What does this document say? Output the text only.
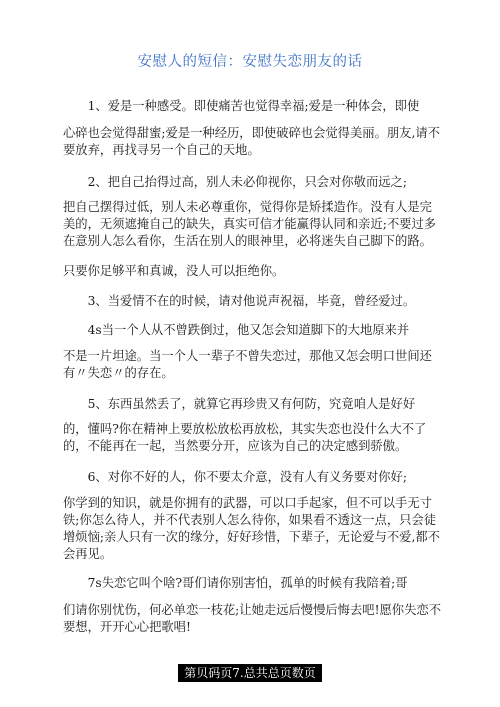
安慰人的短信：安慰失恋朋友的话

1、爱是一种感受。即使痛苦也觉得幸福;爱是一种体会，即使

心碎也会觉得甜蜜;爱是一种经历，即使破碎也会觉得美丽。朋友,请不要放弃，再找寻另一个自己的天地。

2、把自己抬得过高，别人未必仰视你，只会对你敬而远之;

把自己摆得过低，别人未必尊重你，觉得你是矫揉造作。没有人是完美的，无须遮掩自己的缺失，真实可信才能赢得认同和亲近;不要过多在意别人怎么看你，生活在别人的眼神里，必将迷失自己脚下的路。

只要你足够平和真诚，没人可以拒绝你。

3、当爱情不在的时候，请对他说声祝福，毕竟，曾经爱过。

4s当一个人从不曾跌倒过，他又怎会知道脚下的大地原来并

不是一片坦途。当一个人一辈子不曾失恋过，那他又怎会明口世间还有〃失恋〃的存在。

5、东西虽然丢了，就算它再珍贵又有何防，究竟咱人是好好

的，懂吗?你在精神上要放松放松再放松，其实失恋也没什么大不了的，不能再在一起，当然要分开，应该为自己的决定感到骄傲。

6、对你不好的人，你不要太介意，没有人有义务要对你好;

你学到的知识，就是你拥有的武器，可以口手起家，但不可以手无寸铁;你怎么待人，并不代表别人怎么待你，如果看不透这一点，只会徒增烦恼;亲人只有一次的缘分，好好珍惜，下辈子，无论爱与不爱,都不会再见。

7s失恋它叫个啥?哥们请你别害怕，孤单的时候有我陪着;哥

们请你别忧伤，何必单恋一枝花;让她走远后慢慢后悔去吧!愿你失恋不要想，开开心心把歌唱!

第贝码页7.总共总页数页
